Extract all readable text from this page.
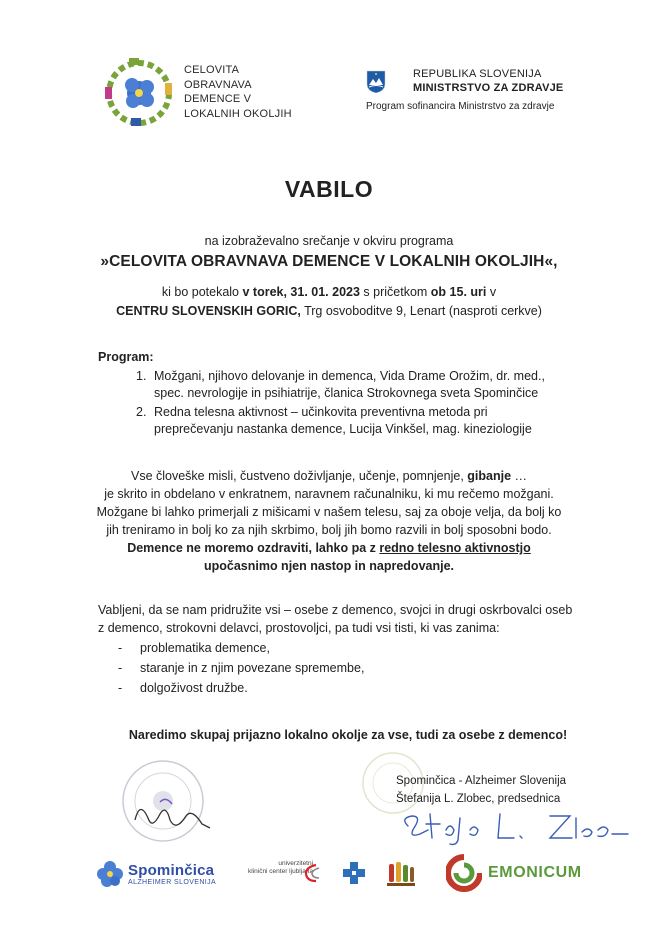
CELOVITA
OBRAVNAVA
DEMENCE V
LOKALNIH OKOLJIH
REPUBLIKA SLOVENIJA
MINISTRSTVO ZA ZDRAVJE
Program sofinancira Ministrstvo za zdravje
VABILO
na izobraževalno srečanje v okviru programa
»CELOVITA OBRAVNAVA DEMENCE V LOKALNIH OKOLJIH«,
ki bo potekalo v torek, 31. 01. 2023 s pričetkom ob 15. uri v
CENTRU SLOVENSKIH GORIC, Trg osvoboditve 9, Lenart (nasproti cerkve)
Program:
1. Možgani, njihovo delovanje in demenca, Vida Drame Orožim, dr. med.,
spec. nevrologije in psihiatrije, članica Strokovnega sveta Spominčice
2. Redna telesna aktivnost – učinkovita preventivna metoda pri
preprečevanju nastanka demence, Lucija Vinkšel, mag. kineziologije
Vse človeške misli, čustveno doživljanje, učenje, pomnjenje, gibanje …
je skrito in obdelano v enkratnem, naravnem računalniku, ki mu rečemo možgani.
Možgane bi lahko primerjali z mišicami v našem telesu, saj za oboje velja, da bolj ko
jih treniramo in bolj ko za njih skrbimo, bolj jih bomo razvili in bolj sposobni bodo.
Demence ne moremo ozdraviti, lahko pa z redno telesno aktivnostjo
upočasnimo njen nastop in napredovanje.
Vabljeni, da se nam pridružite vsi – osebe z demenco, svojci in drugi oskrbovalci oseb
z demenco, strokovni delavci, prostovoljci, pa tudi vsi tisti, ki vas zanima:
-	problematika demence,
-	staranje in z njim povezane spremembe,
-	dolgoživost družbe.
Naredimo skupaj prijazno lokalno okolje za vse, tudi za osebe z demenco!
Spominčica - Alzheimer Slovenija
Štefanija L. Zlobec, predsednica
Spominčica
ALZHEIMER SLOVENIJA
univerzitetni
klinični center ljubljana	EMONICUM
